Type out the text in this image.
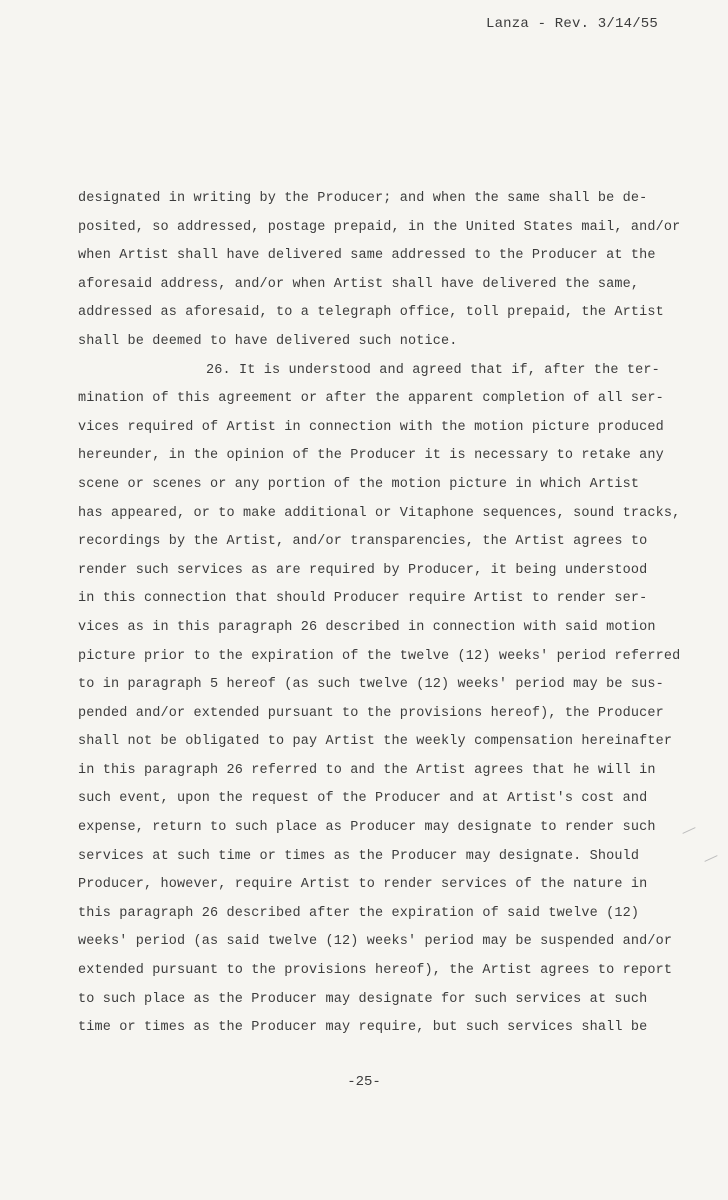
Lanza - Rev. 3/14/55
designated in writing by the Producer; and when the same shall be de-
posited, so addressed, postage prepaid, in the United States mail, and/or
when Artist shall have delivered same addressed to the Producer at the
aforesaid address, and/or when Artist shall have delivered the same,
addressed as aforesaid, to a telegraph office, toll prepaid, the Artist
shall be deemed to have delivered such notice.
26. It is understood and agreed that if, after the ter-
mination of this agreement or after the apparent completion of all ser-
vices required of Artist in connection with the motion picture produced
hereunder, in the opinion of the Producer it is necessary to retake any
scene or scenes or any portion of the motion picture in which Artist
has appeared, or to make additional or Vitaphone sequences, sound tracks,
recordings by the Artist, and/or transparencies, the Artist agrees to
render such services as are required by Producer, it being understood
in this connection that should Producer require Artist to render ser-
vices as in this paragraph 26 described in connection with said motion
picture prior to the expiration of the twelve (12) weeks' period referred
to in paragraph 5 hereof (as such twelve (12) weeks' period may be sus-
pended and/or extended pursuant to the provisions hereof), the Producer
shall not be obligated to pay Artist the weekly compensation hereinafter
in this paragraph 26 referred to and the Artist agrees that he will in
such event, upon the request of the Producer and at Artist's cost and
expense, return to such place as Producer may designate to render such
services at such time or times as the Producer may designate. Should
Producer, however, require Artist to render services of the nature in
this paragraph 26 described after the expiration of said twelve (12)
weeks' period (as said twelve (12) weeks' period may be suspended and/or
extended pursuant to the provisions hereof), the Artist agrees to report
to such place as the Producer may designate for such services at such
time or times as the Producer may require, but such services shall be
-25-
